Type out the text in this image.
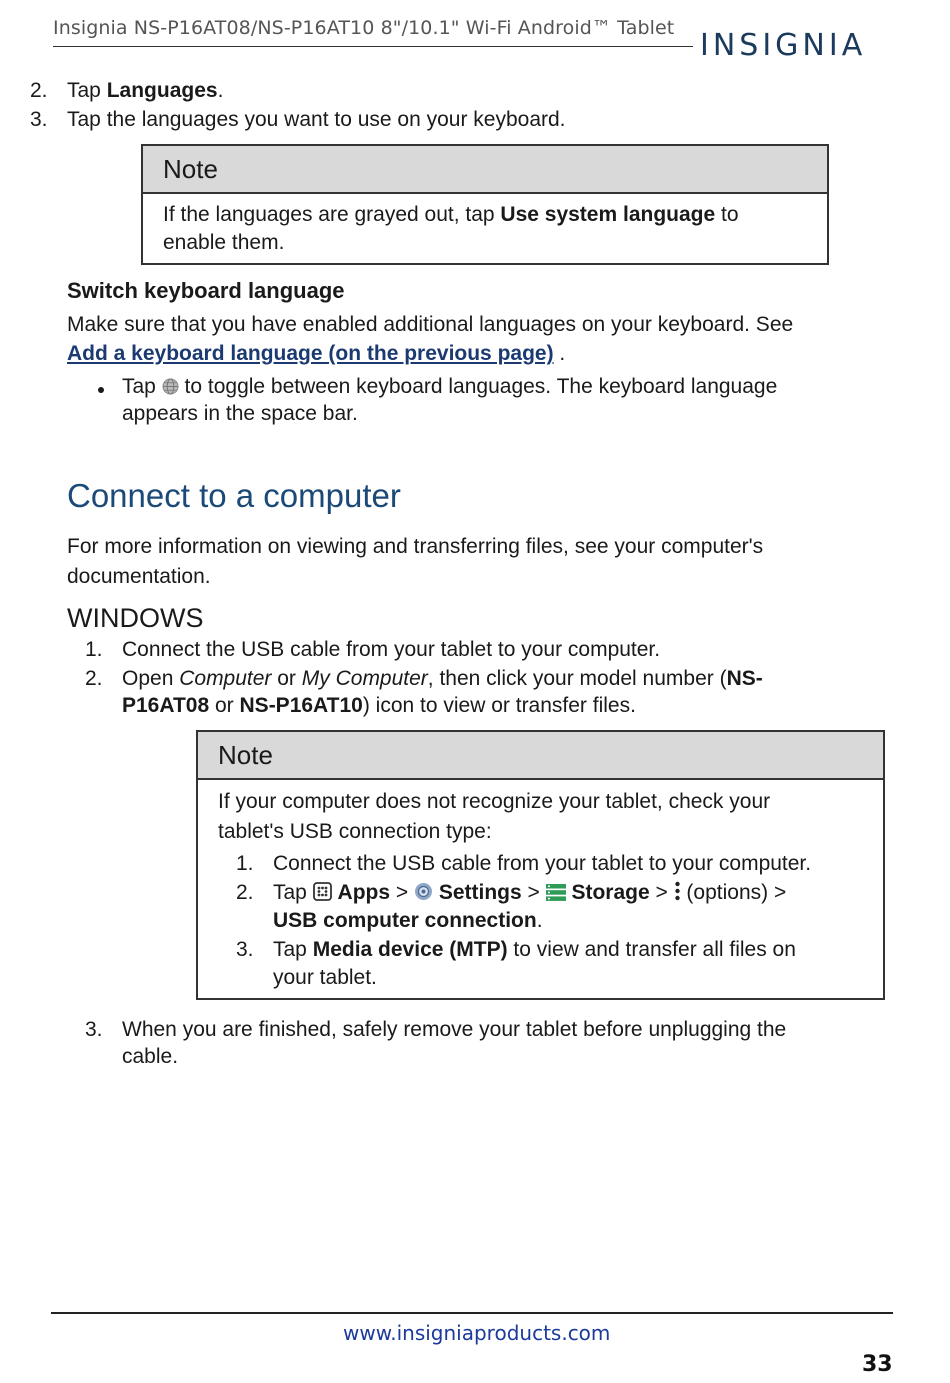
Insignia NS-P16AT08/NS-P16AT10 8"/10.1" Wi-Fi Android™ Tablet INSIGNIA
2. Tap Languages.
3. Tap the languages you want to use on your keyboard.
Note
If the languages are grayed out, tap Use system language to
enable them.
Switch keyboard language
Make sure that you have enabled additional languages on your keyboard. See
Add a keyboard language (on the previous page) .
Tap  to toggle between keyboard languages. The keyboard language
appears in the space bar.
Connect to a computer
For more information on viewing and transferring files, see your computer's
documentation.
WINDOWS
1. Connect the USB cable from your tablet to your computer.
2. Open Computer or My Computer, then click your model number (NS-
P16AT08 or NS-P16AT10) icon to view or transfer files.
Note
If your computer does not recognize your tablet, check your
tablet's USB connection type:
1. Connect the USB cable from your tablet to your computer.
2. Tap  Apps >  Settings >  Storage >  (options) >
USB computer connection.
3. Tap Media device (MTP) to view and transfer all files on
your tablet.
3. When you are finished, safely remove your tablet before unplugging the
cable.
www.insigniaproducts.com
33
